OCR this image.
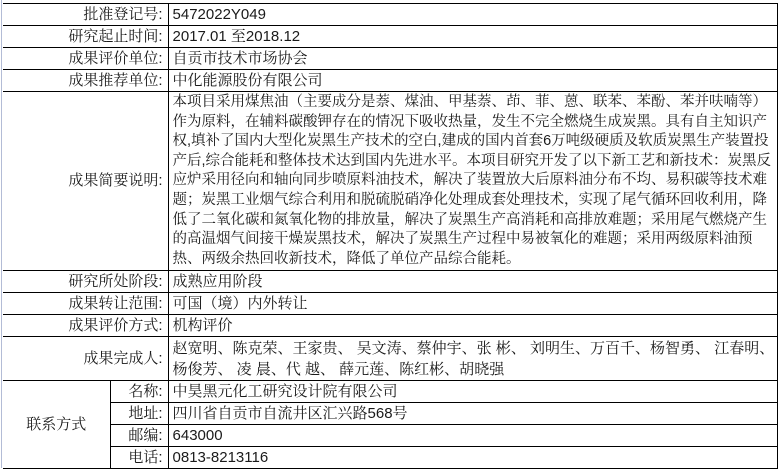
批准登记号:		5472022Y049
研究起止时间:		2017.01 至2018.12
成果评价单位:		自贡市技术市场协会
成果推荐单位:		中化能源股份有限公司
成果简要说明:		本项目采用煤焦油（主要成分是萘、煤油、甲基萘、茚、菲、蒽、联苯、苯酚、苯并呋喃等）作为原料，在辅料碳酸钾存在的情况下吸收热量，发生不完全燃烧生成炭黑。具有自主知识产权,填补了国内大型化炭黑生产技术的空白,建成的国内首套6万吨级硬质及软质炭黑生产装置投产后,综合能耗和整体技术达到国内先进水平。本项目研究开发了以下新工艺和新技术：炭黑反应炉采用径向和轴向同步喷原料油技术，解决了装置放大后原料油分布不均、易积碳等技术难题；炭黑工业烟气综合利用和脱硫脱硝净化处理成套处理技术，实现了尾气循环回收利用，降低了二氧化碳和氮氧化物的排放量，解决了炭黑生产高消耗和高排放难题；采用尾气燃烧产生的高温烟气间接干燥炭黑技术，解决了炭黑生产过程中易被氧化的难题；采用两级原料油预热、两级余热回收新技术，降低了单位产品综合能耗。
研究所处阶段:		成熟应用阶段
成果转让范围:		可国（境）内外转让
成果评价方式:		机构评价
成果完成人:		赵宽明、陈克荣、王家贵、 吴文涛、蔡仲宇、张 彬、 刘明生、万百千、杨智勇、 江春明、杨俊芳、 凌 晨、代 越、 薛元莲、陈红彬、胡晓强
联系方式	名称:	中昊黑元化工研究设计院有限公司
	地址:	四川省自贡市自流井区汇兴路568号
	邮编:	643000
	电话:	0813-8213116
